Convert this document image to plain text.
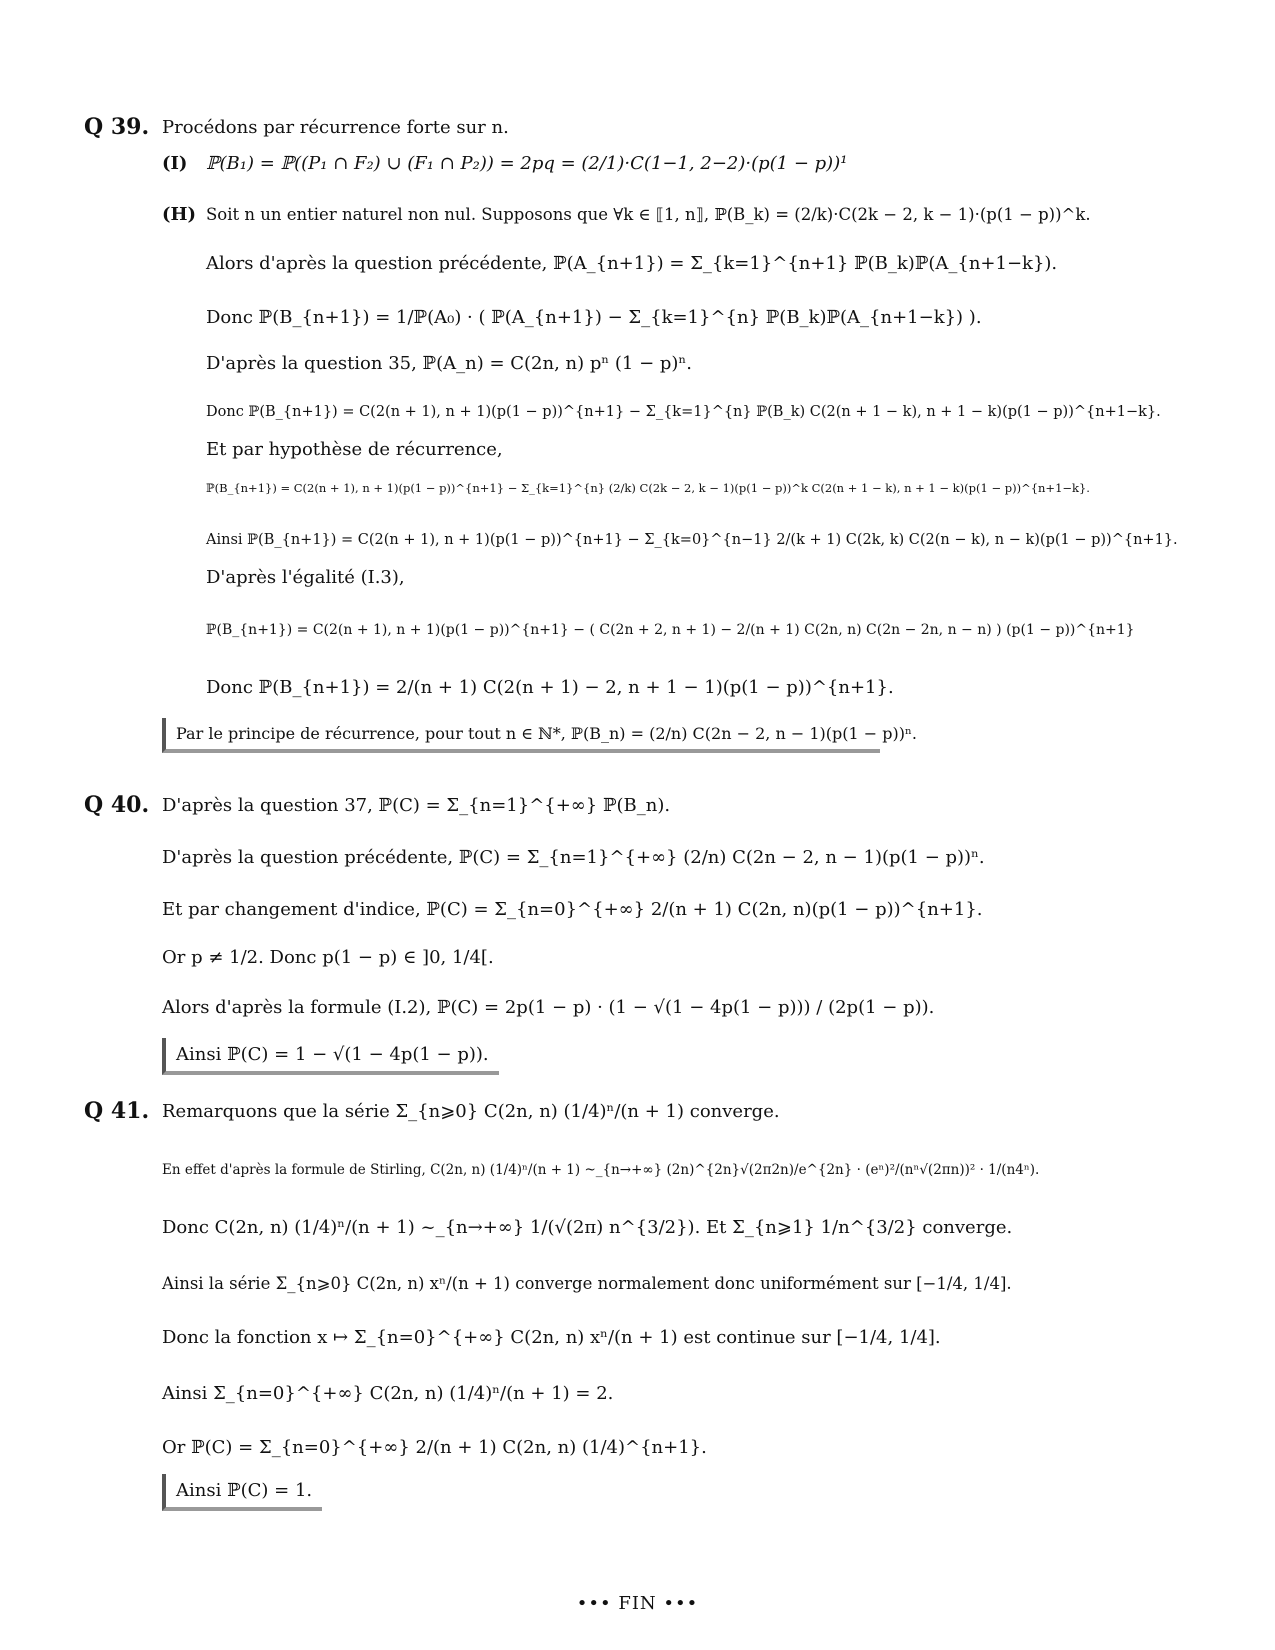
Q 39. Procédons par récurrence forte sur n.
(I) ℙ(B₁) = ℙ((P₁ ∩ F₂) ∪ (F₁ ∩ P₂)) = 2pq = (2/1)·C(1−1, 2−2)·(p(1 − p))¹
(H) Soit n un entier naturel non nul. Supposons que ∀k ∈ ⟦1, n⟧, ℙ(B_k) = (2/k)·C(2k − 2, k − 1)·(p(1 − p))^k.
Alors d'après la question précédente, ℙ(A_{n+1}) = Σ_{k=1}^{n+1} ℙ(B_k)ℙ(A_{n+1−k}).
Donc ℙ(B_{n+1}) = 1/ℙ(A₀) · ( ℙ(A_{n+1}) − Σ_{k=1}^{n} ℙ(B_k)ℙ(A_{n+1−k}) ).
D'après la question 35, ℙ(A_n) = C(2n, n) pⁿ (1 − p)ⁿ.
Donc ℙ(B_{n+1}) = C(2(n + 1), n + 1)(p(1 − p))^{n+1} − Σ_{k=1}^{n} ℙ(B_k) C(2(n + 1 − k), n + 1 − k)(p(1 − p))^{n+1−k}.
Et par hypothèse de récurrence,
ℙ(B_{n+1}) = C(2(n + 1), n + 1)(p(1 − p))^{n+1} − Σ_{k=1}^{n} (2/k) C(2k − 2, k − 1)(p(1 − p))^k C(2(n + 1 − k), n + 1 − k)(p(1 − p))^{n+1−k}.
Ainsi ℙ(B_{n+1}) = C(2(n + 1), n + 1)(p(1 − p))^{n+1} − Σ_{k=0}^{n−1} 2/(k + 1) C(2k, k) C(2(n − k), n − k)(p(1 − p))^{n+1}.
D'après l'égalité (I.3),
ℙ(B_{n+1}) = C(2(n + 1), n + 1)(p(1 − p))^{n+1} − ( C(2n + 2, n + 1) − 2/(n + 1) C(2n, n) C(2n − 2n, n − n) ) (p(1 − p))^{n+1}
Donc ℙ(B_{n+1}) = 2/(n + 1) C(2(n + 1) − 2, n + 1 − 1)(p(1 − p))^{n+1}.
Par le principe de récurrence, pour tout n ∈ ℕ*, ℙ(B_n) = (2/n) C(2n − 2, n − 1)(p(1 − p))ⁿ.
Q 40. D'après la question 37, ℙ(C) = Σ_{n=1}^{+∞} ℙ(B_n).
D'après la question précédente, ℙ(C) = Σ_{n=1}^{+∞} (2/n) C(2n − 2, n − 1)(p(1 − p))ⁿ.
Et par changement d'indice, ℙ(C) = Σ_{n=0}^{+∞} 2/(n + 1) C(2n, n)(p(1 − p))^{n+1}.
Or p ≠ 1/2. Donc p(1 − p) ∈ ]0, 1/4[.
Alors d'après la formule (I.2), ℙ(C) = 2p(1 − p) · (1 − √(1 − 4p(1 − p))) / (2p(1 − p)).
Ainsi ℙ(C) = 1 − √(1 − 4p(1 − p)).
Q 41. Remarquons que la série Σ_{n⩾0} C(2n, n) (1/4)ⁿ/(n + 1) converge.
En effet d'après la formule de Stirling, C(2n, n) (1/4)ⁿ/(n + 1) ~_{n→+∞} (2n)^{2n}√(2π2n)/e^{2n} · (eⁿ)²/(nⁿ√(2πn))² · 1/(n4ⁿ).
Donc C(2n, n) (1/4)ⁿ/(n + 1) ~_{n→+∞} 1/(√(2π) n^{3/2}). Et Σ_{n⩾1} 1/n^{3/2} converge.
Ainsi la série Σ_{n⩾0} C(2n, n) xⁿ/(n + 1) converge normalement donc uniformément sur [−1/4, 1/4].
Donc la fonction x ↦ Σ_{n=0}^{+∞} C(2n, n) xⁿ/(n + 1) est continue sur [−1/4, 1/4].
Ainsi Σ_{n=0}^{+∞} C(2n, n) (1/4)ⁿ/(n + 1) = 2.
Or ℙ(C) = Σ_{n=0}^{+∞} 2/(n + 1) C(2n, n) (1/4)^{n+1}.
Ainsi ℙ(C) = 1.
••• FIN •••
